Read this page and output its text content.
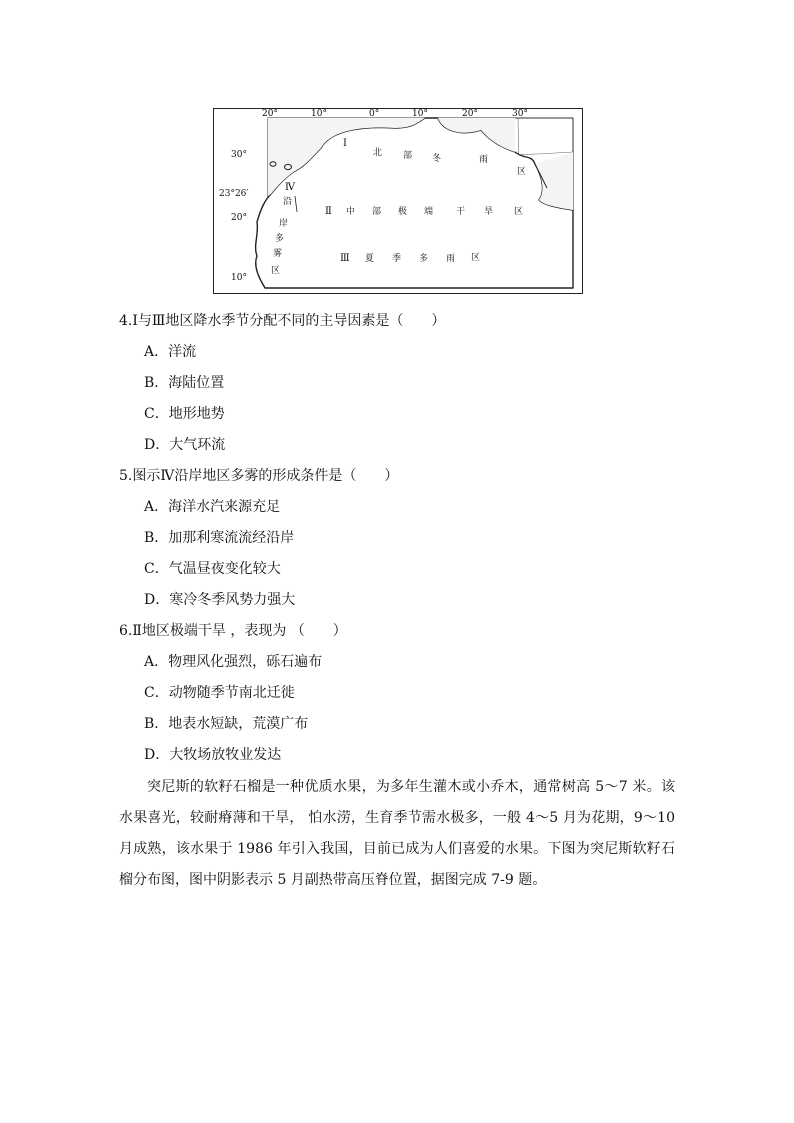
20°	10°	0°	10°	20°	30°
30°
23°26′
20°
10°
Ⅰ
北 部 冬	雨
区
Ⅱ 中 部 极 端	干 旱 区
Ⅲ 夏 季 多 雨 区
Ⅳ
沿
岸
多
雾
区
4.Ⅰ与Ⅲ地区降水季节分配不同的主导因素是（　　）
A．洋流
B．海陆位置
C．地形地势
D．大气环流
5.图示Ⅳ沿岸地区多雾的形成条件是（　　）
A．海洋水汽来源充足
B．加那利寒流流经沿岸
C．气温昼夜变化较大
D．寒冷冬季风势力强大
6.Ⅱ地区极端干旱 ，表现为 （　　）
A．物理风化强烈，砾石遍布
C．动物随季节南北迁徙
B．地表水短缺，荒漠广布
D．大牧场放牧业发达
突尼斯的软籽石榴是一种优质水果，为多年生灌木或小乔木，通常树高 5～7 米。该水果喜光，较耐瘠薄和干旱， 怕水涝，生育季节需水极多，一般 4～5 月为花期，9～10 月成熟，该水果于 1986 年引入我国，目前已成为人们喜爱的水果。下图为突尼斯软籽石榴分布图，图中阴影表示 5 月副热带高压脊位置，据图完成 7-9 题。
